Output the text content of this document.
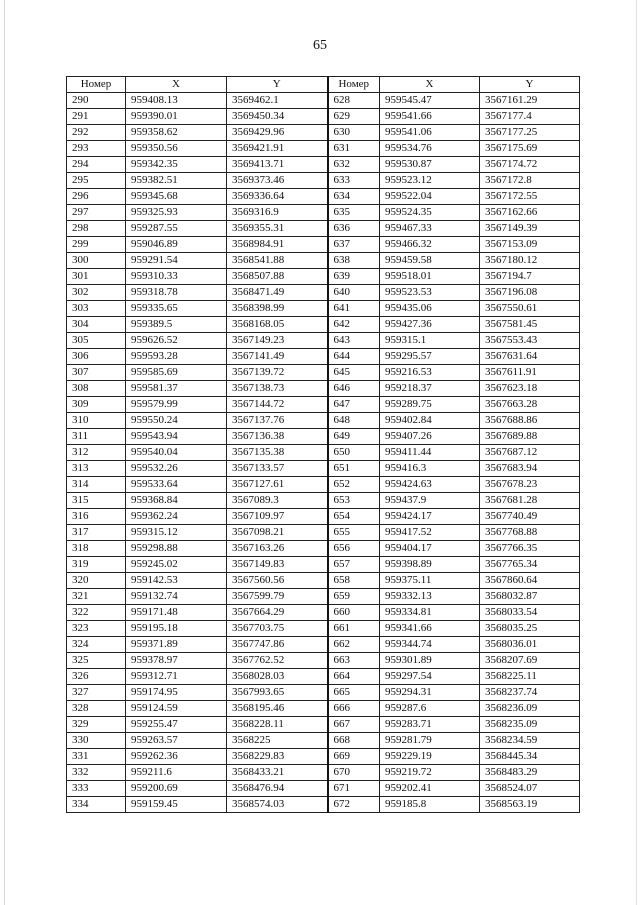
65
Номер	X	Y	Номер	X	Y
290	959408.13	3569462.1	628	959545.47	3567161.29
291	959390.01	3569450.34	629	959541.66	3567177.4
292	959358.62	3569429.96	630	959541.06	3567177.25
293	959350.56	3569421.91	631	959534.76	3567175.69
294	959342.35	3569413.71	632	959530.87	3567174.72
295	959382.51	3569373.46	633	959523.12	3567172.8
296	959345.68	3569336.64	634	959522.04	3567172.55
297	959325.93	3569316.9	635	959524.35	3567162.66
298	959287.55	3569355.31	636	959467.33	3567149.39
299	959046.89	3568984.91	637	959466.32	3567153.09
300	959291.54	3568541.88	638	959459.58	3567180.12
301	959310.33	3568507.88	639	959518.01	3567194.7
302	959318.78	3568471.49	640	959523.53	3567196.08
303	959335.65	3568398.99	641	959435.06	3567550.61
304	959389.5	3568168.05	642	959427.36	3567581.45
305	959626.52	3567149.23	643	959315.1	3567553.43
306	959593.28	3567141.49	644	959295.57	3567631.64
307	959585.69	3567139.72	645	959216.53	3567611.91
308	959581.37	3567138.73	646	959218.37	3567623.18
309	959579.99	3567144.72	647	959289.75	3567663.28
310	959550.24	3567137.76	648	959402.84	3567688.86
311	959543.94	3567136.38	649	959407.26	3567689.88
312	959540.04	3567135.38	650	959411.44	3567687.12
313	959532.26	3567133.57	651	959416.3	3567683.94
314	959533.64	3567127.61	652	959424.63	3567678.23
315	959368.84	3567089.3	653	959437.9	3567681.28
316	959362.24	3567109.97	654	959424.17	3567740.49
317	959315.12	3567098.21	655	959417.52	3567768.88
318	959298.88	3567163.26	656	959404.17	3567766.35
319	959245.02	3567149.83	657	959398.89	3567765.34
320	959142.53	3567560.56	658	959375.11	3567860.64
321	959132.74	3567599.79	659	959332.13	3568032.87
322	959171.48	3567664.29	660	959334.81	3568033.54
323	959195.18	3567703.75	661	959341.66	3568035.25
324	959371.89	3567747.86	662	959344.74	3568036.01
325	959378.97	3567762.52	663	959301.89	3568207.69
326	959312.71	3568028.03	664	959297.54	3568225.11
327	959174.95	3567993.65	665	959294.31	3568237.74
328	959124.59	3568195.46	666	959287.6	3568236.09
329	959255.47	3568228.11	667	959283.71	3568235.09
330	959263.57	3568225	668	959281.79	3568234.59
331	959262.36	3568229.83	669	959229.19	3568445.34
332	959211.6	3568433.21	670	959219.72	3568483.29
333	959200.69	3568476.94	671	959202.41	3568524.07
334	959159.45	3568574.03	672	959185.8	3568563.19
